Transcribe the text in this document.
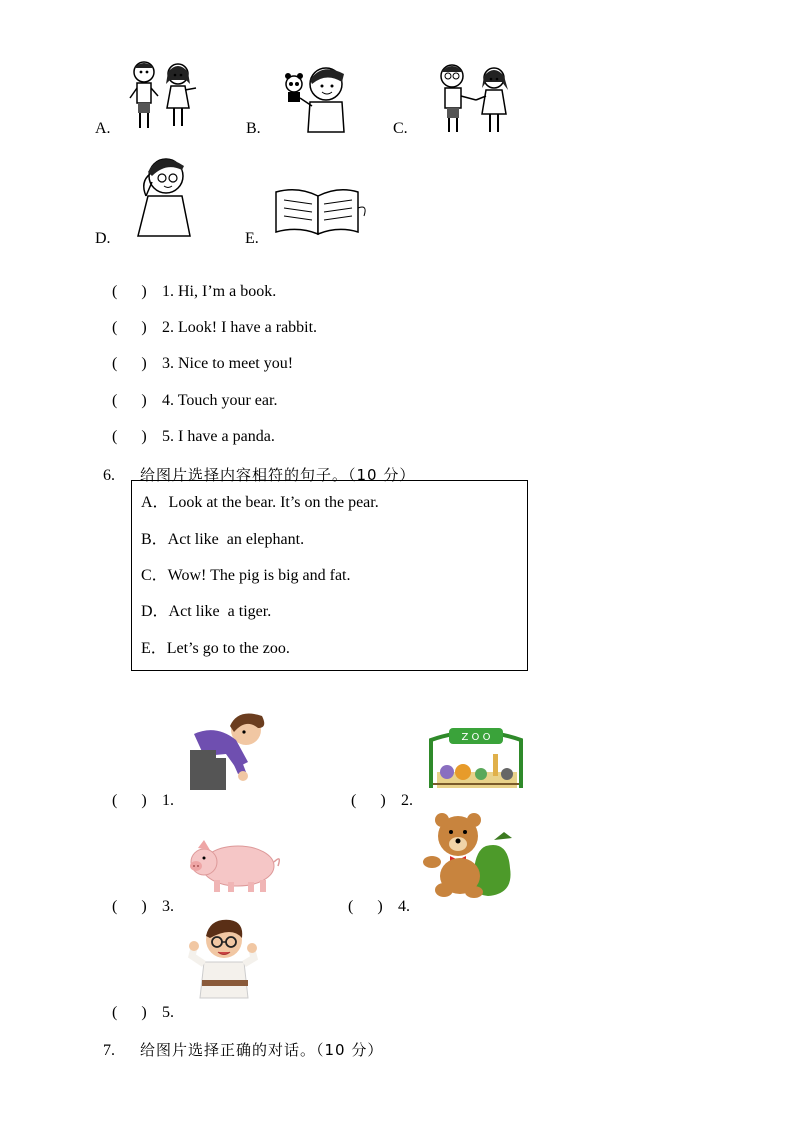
A.	B.	C.
D.	E.

(      ) 1. Hi, I’m a book.

(      ) 2. Look! I have a rabbit.

(      ) 3. Nice to meet you!

(      ) 4. Touch your ear.

(      ) 5. I have a panda.

6. 给图片选择内容相符的句子。（10 分）

A．Look at the bear. It’s on the pear.
B．Act like  an elephant.
C．Wow! The pig is big and fat.
D．Act like  a tiger.
E．Let’s go to the zoo.

(      ) 1.	(      ) 2.

Z O O

(      ) 3.	(      ) 4.

(      ) 5.

7. 给图片选择正确的对话。（10 分）
